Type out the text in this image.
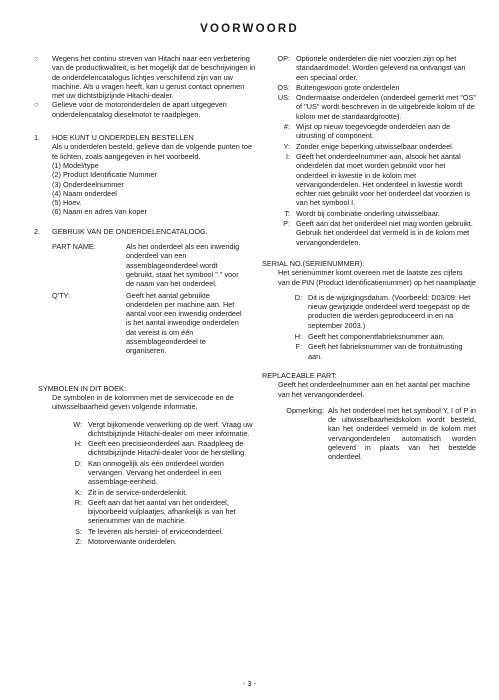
VOORWOORD
○	Wegens het continu streven van Hitachi naar een verbetering van de productkwaliteit, is het mogelijk dat de beschrijvingen in de onderdelencatalogus lichtjes verschillend zijn van uw machine. Als u vragen heeft, kan u gerust contact opnemen met uw dichtstbijzijnde Hitachi-dealer.
○	Gelieve voor de motoronderdelen de apart uitgegeven onderdelencatalog dieselmotor te raadplegen.
1.	HOE KUNT U ONDERDELEN BESTELLEN
Als u onderdelen besteld, gelieve dan de volgende punten toe te lichten, zoals aangegeven in het voorbeeld.
(1) Model/type
(2) Product Identificatie Nummer
(3) Onderdeelnummer
(4) Naam onderdeel
(5) Hoev.
(6) Naam en adres van koper
2.	GEBRUIK VAN DE ONDERDELENCATALOOG.
PART NAME:	Als het onderdeel als een inwendig onderdeel van een assemblageonderdeel wordt gebruikt, staat het symbool "." voor de naam van het onderdeel.
Q'TY:	Geeft het aantal gebruikte onderdelen per machine aan. Het aantal voor een inwendig onderdeel is het aantal inwendige onderdelen dat vereist is om één assemblageonderdeel te organiseren.
SYMBOLEN IN DIT BOEK:
De symbolen in de kolommen met de servicecode en de uitwisselbaarheid geven volgende informatie.
W: Vergt bijkomende verwerking op de werf. Vraag uw dichtstbijzijnde Hitachi-dealer om meer informatie.
H: Geeft een precisieonderdeel aan. Raadpleeg de dichtstbijzijnde Hitachi-dealer voor de herstelling.
D: Kan onmogelijk als één onderdeel worden vervangen. Vervang het onderdeel in een assemblage-eenheid.
K: Zit in de service-onderdelenkit.
R: Geeft aan dat het aantal van het onderdeel, bijvoorbeeld vulplaatjes, afhankelijk is van het serienummer van de machine.
S: Te leveren als herstel- of erviceonderdeel.
Z: Motorverwante onderdelen.
OP: Optionele onderdelen die niet voorzien zijn op het standaardmodel. Worden geleverd na ontvangst van een speciaal order.
OS: Buitengewoon grote onderdelen
US: Ondermaatse onderdelen (onderdeel gemerkt met "OS" of "US" wordt beschreven in de uitgebreide kolom of de kolom met de standaardgrootte).
#: Wijst op nieuw toegevoegde onderdelen aan de uitrusting of component.
Y: Zonder enige beperking uitwisselbaar onderdeel.
I: Geeft het onderdeelnummer aan, alsook het aantal onderdelen dat moet worden gebruikt voor het onderdeel in kwestie in de kolom met vervangonderdelen. Het onderdeel in kwestie wordt echter niet gebruikt voor het onderdeel dat voorzien is van het symbool I.
T: Wordt bij combinatie onderling uitwisselbaar.
P: Geeft aan dat het onderdeel niet mag worden gebruikt. Gebruik het onderdeel dat vermeld is in de kolom met vervangonderdelen.
SERIAL NO.(SERIENUMMER):
Het serienummer komt overeen met de laatste zes cijfers van de PIN (Product Identificatienummer) op het naamplaatje
D: Dit is de wijzigingsdatum. (Voorbeeld: D03/09: Het nieuw gewijzigde onderdeel werd toegepast op de producten die werden geproduceerd in en na september 2003.)
H: Geeft het componentfabrieksnummer aan.
F: Geeft het fabrieksnummer van de frontuitrusting aan.
REPLACEABLE PART:
Geeft het onderdeelnummer aan en het aantal per machine van het vervangonderdeel.
Opmerking: Als het onderdeel met het symbool Y, I of P in de uitwisselbaarheidskolom wordt besteld, kan het onderdeel vermeld in de kolom met vervangonderdelen automatisch worden geleverd in plaats van het bestelde onderdeel.
- 3 -
